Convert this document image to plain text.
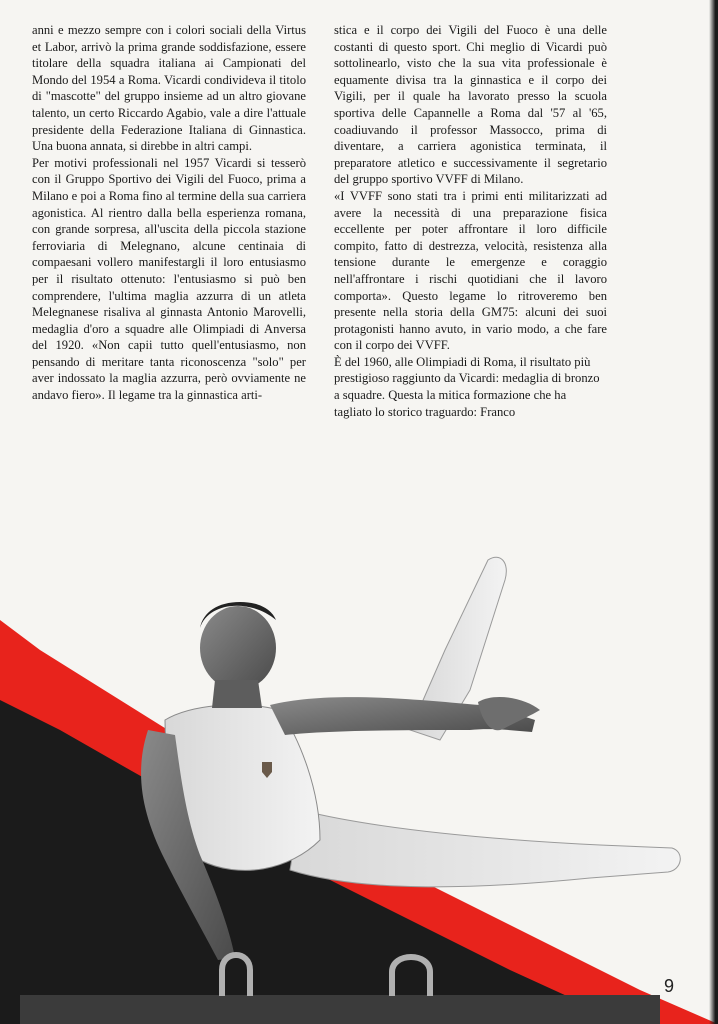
anni e mezzo sempre con i colori sociali della Virtus et Labor, arrivò la prima grande soddisfazione, essere titolare della squadra italiana ai Campionati del Mondo del 1954 a Roma. Vicardi condivideva il titolo di "mascotte" del gruppo insieme ad un altro giovane talento, un certo Riccardo Agabio, vale a dire l'attuale presidente della Federazione Italiana di Ginnastica. Una buona annata, si direbbe in altri campi.

Per motivi professionali nel 1957 Vicardi si tesserò con il Gruppo Sportivo dei Vigili del Fuoco, prima a Milano e poi a Roma fino al termine della sua carriera agonistica. Al rientro dalla bella esperienza romana, con grande sorpresa, all'uscita della piccola stazione ferroviaria di Melegnano, alcune centinaia di compaesani vollero manifestargli il loro entusiasmo per il risultato ottenuto: l'entusiasmo si può ben comprendere, l'ultima maglia azzurra di un atleta Melegnanese risaliva al ginnasta Antonio Marovelli, medaglia d'oro a squadre alle Olimpiadi di Anversa del 1920. «Non capii tutto quell'entusiasmo, non pensando di meritare tanta riconoscenza "solo" per aver indossato la maglia azzurra, però ovviamente ne andavo fiero». Il legame tra la ginnastica arti-

stica e il corpo dei Vigili del Fuoco è una delle costanti di questo sport. Chi meglio di Vicardi può sottolinearlo, visto che la sua vita professionale è equamente divisa tra la ginnastica e il corpo dei Vigili, per il quale ha lavorato presso la scuola sportiva delle Capannelle a Roma dal '57 al '65, coadiuvando il professor Massocco, prima di diventare, a carriera agonistica terminata, il preparatore atletico e successivamente il segretario del gruppo sportivo VVFF di Milano.

«I VVFF sono stati tra i primi enti militarizzati ad avere la necessità di una preparazione fisica eccellente per poter affrontare il loro difficile compito, fatto di destrezza, velocità, resistenza alla tensione durante le emergenze e coraggio nell'affrontare i rischi quotidiani che il lavoro comporta». Questo legame lo ritroveremo ben presente nella storia della GM75: alcuni dei suoi protagonisti hanno avuto, in vario modo, a che fare con il corpo dei VVFF.

È del 1960, alle Olimpiadi di Roma, il risultato più prestigioso raggiunto da Vicardi: medaglia di bronzo a squadre. Questa la mitica formazione che ha tagliato lo storico traguardo: Franco

9
